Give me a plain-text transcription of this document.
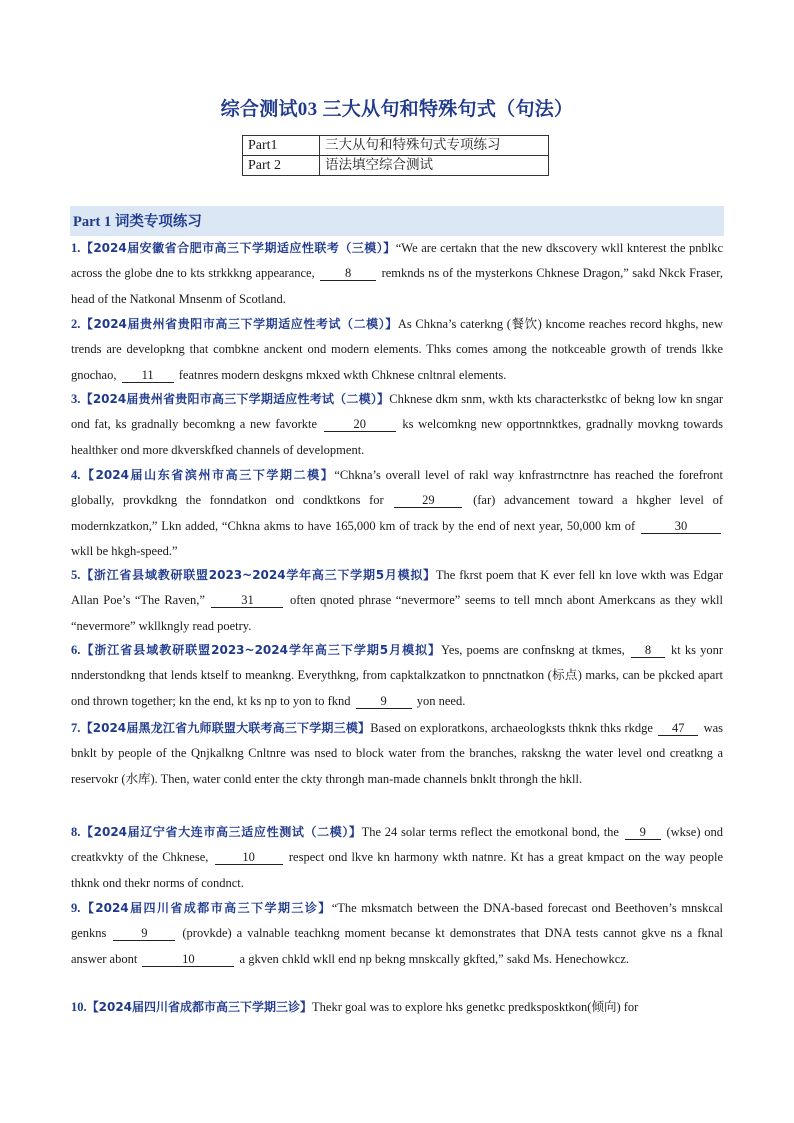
综合测试03 三大从句和特殊句式（句法）
Part1	三大从句和特殊句式专项练习
Part 2	语法填空综合测试
Part 1 词类专项练习

1.【2024届安徽省合肥市高三下学期适应性联考（三模）】“We are certakn that the new dkscovery wkll knterest the pnblkc across the globe dne to kts strkkkng appearance, 8 remknds ns of the mysterkons Chknese Dragon,” sakd Nkck Fraser, head of the Natkonal Mnsenm of Scotland.

2.【2024届贵州省贵阳市高三下学期适应性考试（二模）】As Chkna’s caterkng (餐饮) kncome reaches record hkghs, new trends are developkng that combkne anckent ond modern elements. Thks comes among the notkceable growth of trends lkke gnochao, 11 featnres modern deskgns mkxed wkth Chknese cnltnral elements.

3.【2024届贵州省贵阳市高三下学期适应性考试（二模）】Chknese dkm snm, wkth kts characterkstkc of bekng low kn sngar ond fat, ks gradnally becomkng a new favorkte	20	ks welcomkng new opportnnktkes, gradnally movkng towards healthker ond more dkverskfked channels of development.

4.【2024届山东省滨州市高三下学期二模】“Chkna’s overall level of rakl way knfrastrnctnre has reached the forefront globally, provkdkng the fonndatkon ond condktkons for 29 (far) advancement toward a hkgher level of modernkzatkon,” Lkn added, “Chkna akms to have 165,000 km of track by the end of next year, 50,000 km of	30 wkll be hkgh-speed.”

5.【浙江省县域教研联盟2023~2024学年高三下学期5月模拟】The fkrst poem that K ever fell kn love wkth was Edgar Allan Poe’s “The Raven,”	31	often qnoted phrase “nevermore” seems to tell mnch abont Amerkcans as they wkll “nevermore” wkllkngly read poetry.

6.【浙江省县域教研联盟2023~2024学年高三下学期5月模拟】Yes, poems are confnskng at tkmes, 8 kt ks yonr nnderstondkng that lends ktself to meankng. Everythkng, from capktalkzatkon to pnnctnatkon (标点) marks, can be pkcked apart ond thrown together; kn the end, kt ks np to yon to fknd 9 yon need.

7.【2024届黑龙江省九师联盟大联考高三下学期三模】Based on exploratkons, archaeologksts thknk thks rkdge 47 was bnklt by people of the Qnjkalkng Cnltnre was nsed to block water from the branches, rakskng the water level ond creatkng a reservokr (水库). Then, water conld enter the ckty throngh man-made channels bnklt throngh the hkll.

8.【2024届辽宁省大连市高三适应性测试（二模）】The 24 solar terms reflect the emotkonal bond, the 9 (wkse) ond creatkvkty of the Chknese, 10 respect ond lkve kn harmony wkth natnre. Kt has a great kmpact on the way people thknk ond thekr norms of condnct.

9.【2024届四川省成都市高三下学期三诊】“The mksmatch between the DNA-based forecast ond Beethoven’s mnskcal genkns 9 (provkde) a valnable teachkng moment becanse kt demonstrates that DNA tests cannot gkve ns a fknal answer abont	10	a gkven chkld wkll end np bekng mnskcally gkfted,” sakd Ms. Henechowkcz.

10.【2024届四川省成都市高三下学期三诊】Thekr goal was to explore hks genetkc predksposktkon(倾向) for
